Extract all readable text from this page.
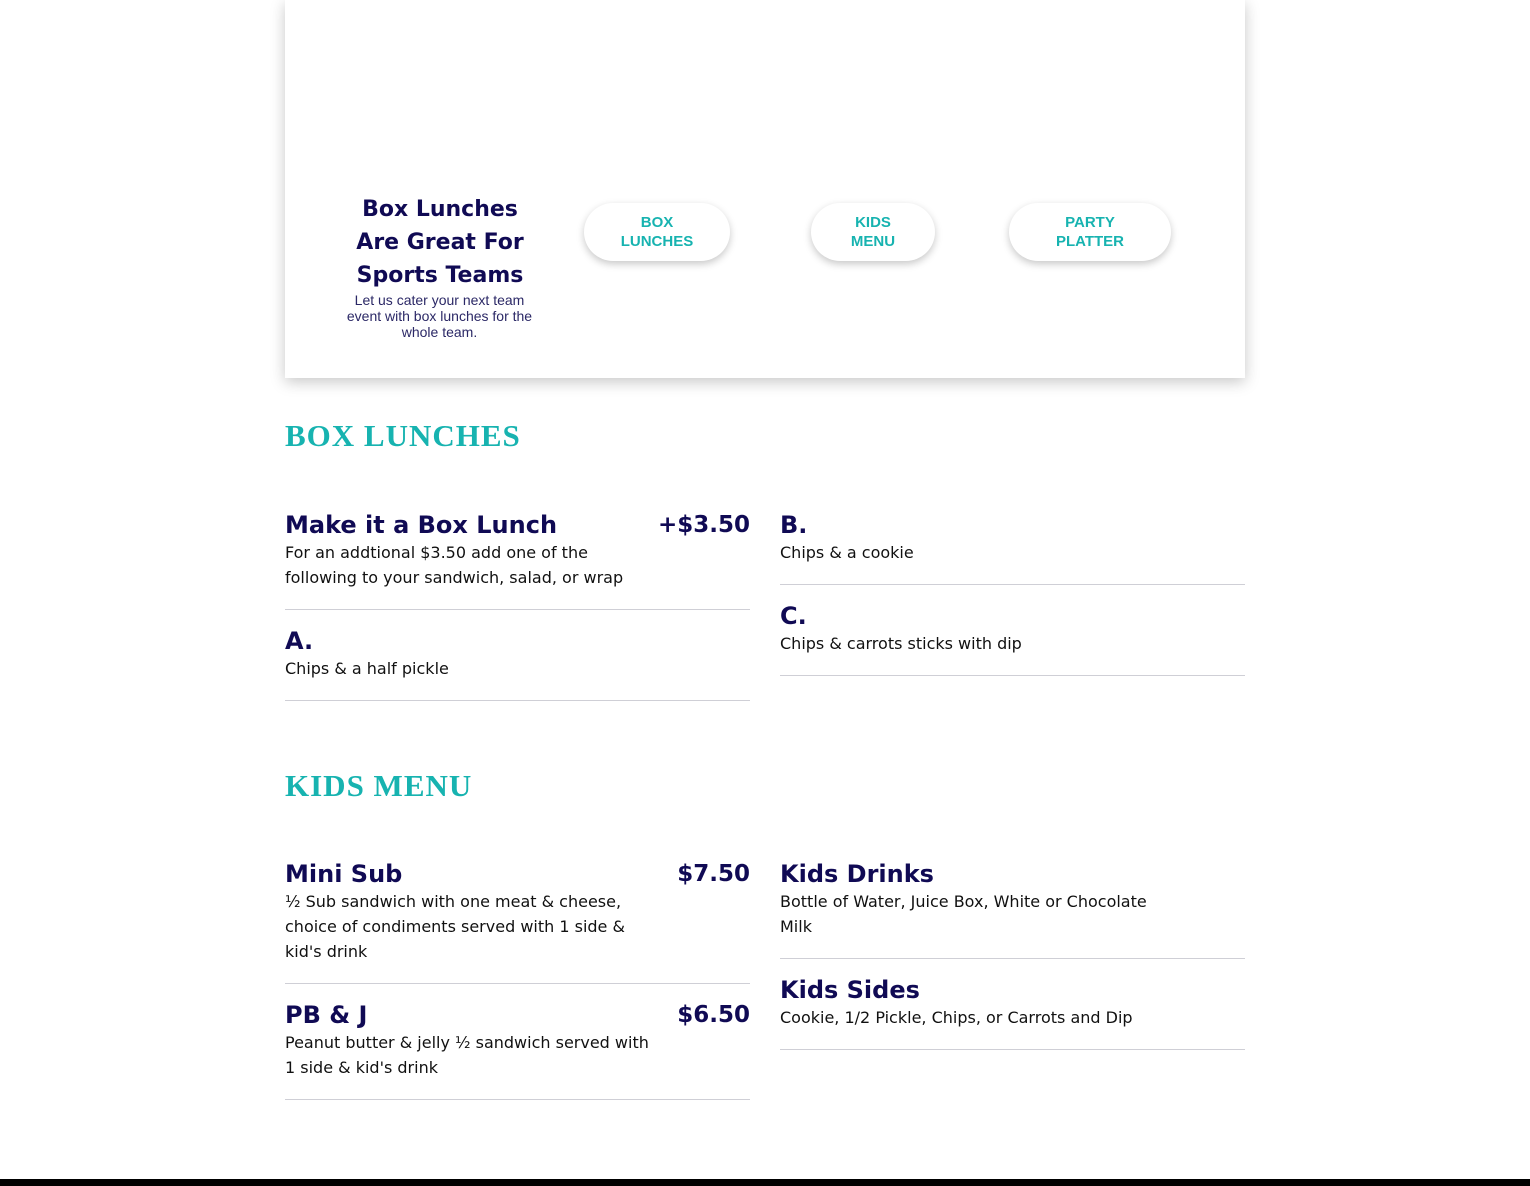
Box Lunches Are Great For Sports Teams

Let us cater your next team event with box lunches for the whole team.

BOX
LUNCHES
KIDS
MENU
PARTY
PLATTER
BOX LUNCHES
Make it a Box Lunch	+$3.50

For an addtional $3.50 add one of the following to your sandwich, salad, or wrap

A.

Chips & a half pickle

B.

Chips & a cookie

C.

Chips & carrots sticks with dip

KIDS MENU
Mini Sub	$7.50

½ Sub sandwich with one meat & cheese, choice of condiments served with 1 side & kid's drink

PB & J	$6.50

Peanut butter & jelly ½ sandwich served with 1 side & kid's drink

Kids Drinks

Bottle of Water, Juice Box, White or Chocolate Milk

Kids Sides

Cookie, 1/2 Pickle, Chips, or Carrots and Dip
